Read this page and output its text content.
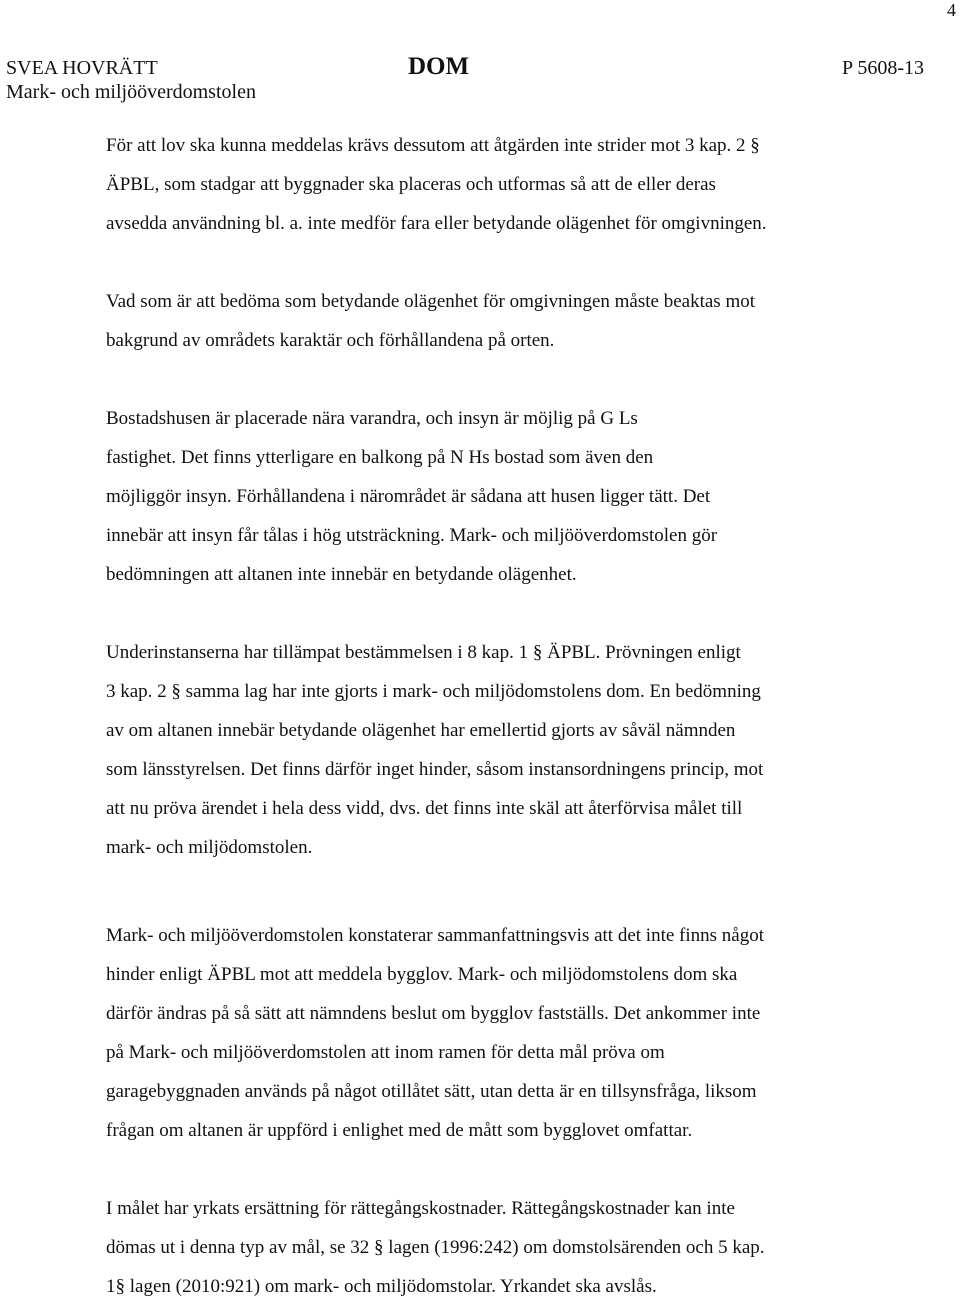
4
SVEA HOVRÄTT
Mark- och miljööverdomstolen
DOM	P 5608-13

För att lov ska kunna meddelas krävs dessutom att åtgärden inte strider mot 3 kap. 2 §
ÄPBL, som stadgar att byggnader ska placeras och utformas så att de eller deras
avsedda användning bl. a. inte medför fara eller betydande olägenhet för omgivningen.

Vad som är att bedöma som betydande olägenhet för omgivningen måste beaktas mot
bakgrund av områdets karaktär och förhållandena på orten.

Bostadshusen är placerade nära varandra, och insyn är möjlig på G Ls
fastighet. Det finns ytterligare en balkong på N Hs bostad som även den
möjliggör insyn. Förhållandena i närområdet är sådana att husen ligger tätt. Det
innebär att insyn får tålas i hög utsträckning. Mark- och miljööverdomstolen gör
bedömningen att altanen inte innebär en betydande olägenhet.

Underinstanserna har tillämpat bestämmelsen i 8 kap. 1 § ÄPBL. Prövningen enligt
3 kap. 2 § samma lag har inte gjorts i mark- och miljödomstolens dom. En bedömning
av om altanen innebär betydande olägenhet har emellertid gjorts av såväl nämnden
som länsstyrelsen. Det finns därför inget hinder, såsom instansordningens princip, mot
att nu pröva ärendet i hela dess vidd, dvs. det finns inte skäl att återförvisa målet till
mark- och miljödomstolen.

Mark- och miljööverdomstolen konstaterar sammanfattningsvis att det inte finns något
hinder enligt ÄPBL mot att meddela bygglov. Mark- och miljödomstolens dom ska
därför ändras på så sätt att nämndens beslut om bygglov fastställs. Det ankommer inte
på Mark- och miljööverdomstolen att inom ramen för detta mål pröva om
garagebyggnaden används på något otillåtet sätt, utan detta är en tillsynsfråga, liksom
frågan om altanen är uppförd i enlighet med de mått som bygglovet omfattar.

I målet har yrkats ersättning för rättegångskostnader. Rättegångskostnader kan inte
dömas ut i denna typ av mål, se 32 § lagen (1996:242) om domstolsärenden och 5 kap.
1§ lagen (2010:921) om mark- och miljödomstolar. Yrkandet ska avslås.
